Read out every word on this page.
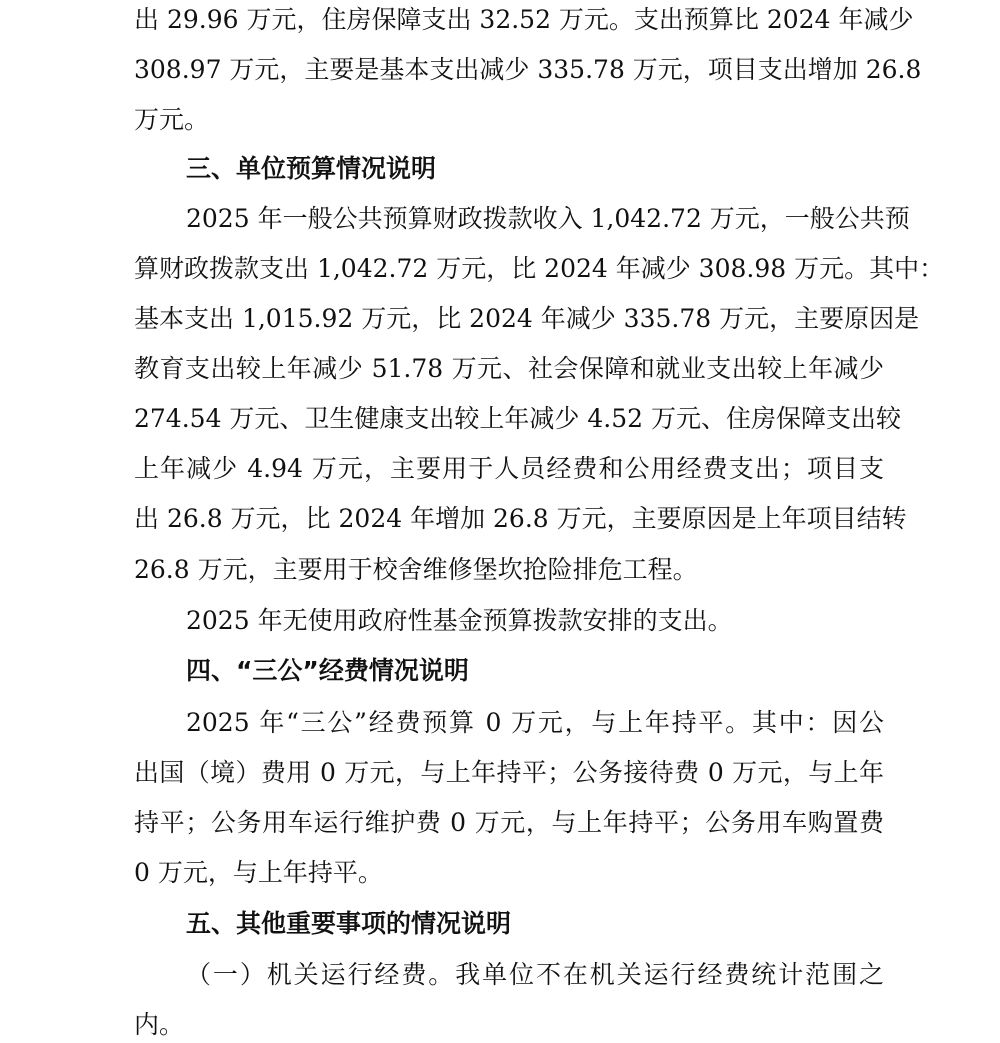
出 29.96 万元，住房保障支出 32.52 万元。支出预算比 2024 年减少
308.97 万元，主要是基本支出减少 335.78 万元，项目支出增加 26.8
万元。
三、单位预算情况说明
2025 年一般公共预算财政拨款收入 1,042.72 万元，一般公共预
算财政拨款支出 1,042.72 万元，比 2024 年减少 308.98 万元。其中：
基本支出 1,015.92 万元，比 2024 年减少 335.78 万元，主要原因是
教育支出较上年减少 51.78 万元、社会保障和就业支出较上年减少
274.54 万元、卫生健康支出较上年减少 4.52 万元、住房保障支出较
上年减少 4.94 万元，主要用于人员经费和公用经费支出；项目支
出 26.8 万元，比 2024 年增加 26.8 万元，主要原因是上年项目结转
26.8 万元，主要用于校舍维修堡坎抢险排危工程。
2025 年无使用政府性基金预算拨款安排的支出。
四、“三公”经费情况说明
2025 年“三公”经费预算 0 万元，与上年持平。其中：因公
出国（境）费用 0 万元，与上年持平；公务接待费 0 万元，与上年
持平；公务用车运行维护费 0 万元，与上年持平；公务用车购置费
0 万元，与上年持平。
五、其他重要事项的情况说明
（一）机关运行经费。我单位不在机关运行经费统计范围之
内。
